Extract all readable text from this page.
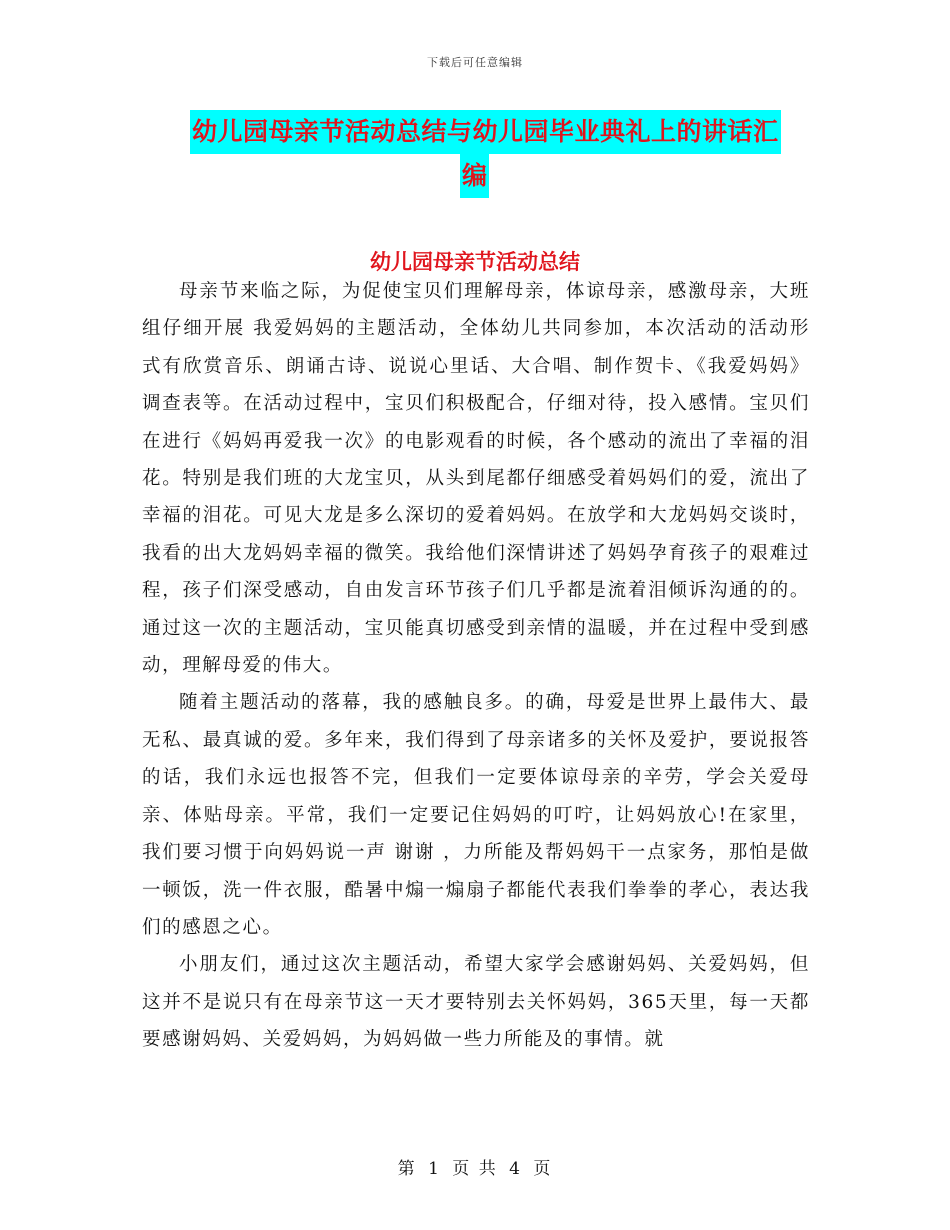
下载后可任意编辑
幼儿园母亲节活动总结与幼儿园毕业典礼上的讲话汇
编
幼儿园母亲节活动总结

母亲节来临之际，为促使宝贝们理解母亲，体谅母亲，感激母亲，大班组仔细开展 我爱妈妈的主题活动，全体幼儿共同参加，本次活动的活动形式有欣赏音乐、朗诵古诗、说说心里话、大合唱、制作贺卡、《我爱妈妈》调查表等。在活动过程中，宝贝们积极配合，仔细对待，投入感情。宝贝们在进行《妈妈再爱我一次》的电影观看的时候，各个感动的流出了幸福的泪花。特别是我们班的大龙宝贝，从头到尾都仔细感受着妈妈们的爱，流出了幸福的泪花。可见大龙是多么深切的爱着妈妈。在放学和大龙妈妈交谈时，我看的出大龙妈妈幸福的微笑。我给他们深情讲述了妈妈孕育孩子的艰难过程，孩子们深受感动，自由发言环节孩子们几乎都是流着泪倾诉沟通的的。通过这一次的主题活动，宝贝能真切感受到亲情的温暖，并在过程中受到感动，理解母爱的伟大。

随着主题活动的落幕，我的感触良多。的确，母爱是世界上最伟大、最无私、最真诚的爱。多年来，我们得到了母亲诸多的关怀及爱护，要说报答的话，我们永远也报答不完，但我们一定要体谅母亲的辛劳，学会关爱母亲、体贴母亲。平常，我们一定要记住妈妈的叮咛，让妈妈放心!在家里，我们要习惯于向妈妈说一声 谢谢 ，力所能及帮妈妈干一点家务，那怕是做一顿饭，洗一件衣服，酷暑中煽一煽扇子都能代表我们拳拳的孝心，表达我们的感恩之心。

小朋友们，通过这次主题活动，希望大家学会感谢妈妈、关爱妈妈，但这并不是说只有在母亲节这一天才要特别去关怀妈妈，365天里，每一天都要感谢妈妈、关爱妈妈，为妈妈做一些力所能及的事情。就

第 1 页 共 4 页
